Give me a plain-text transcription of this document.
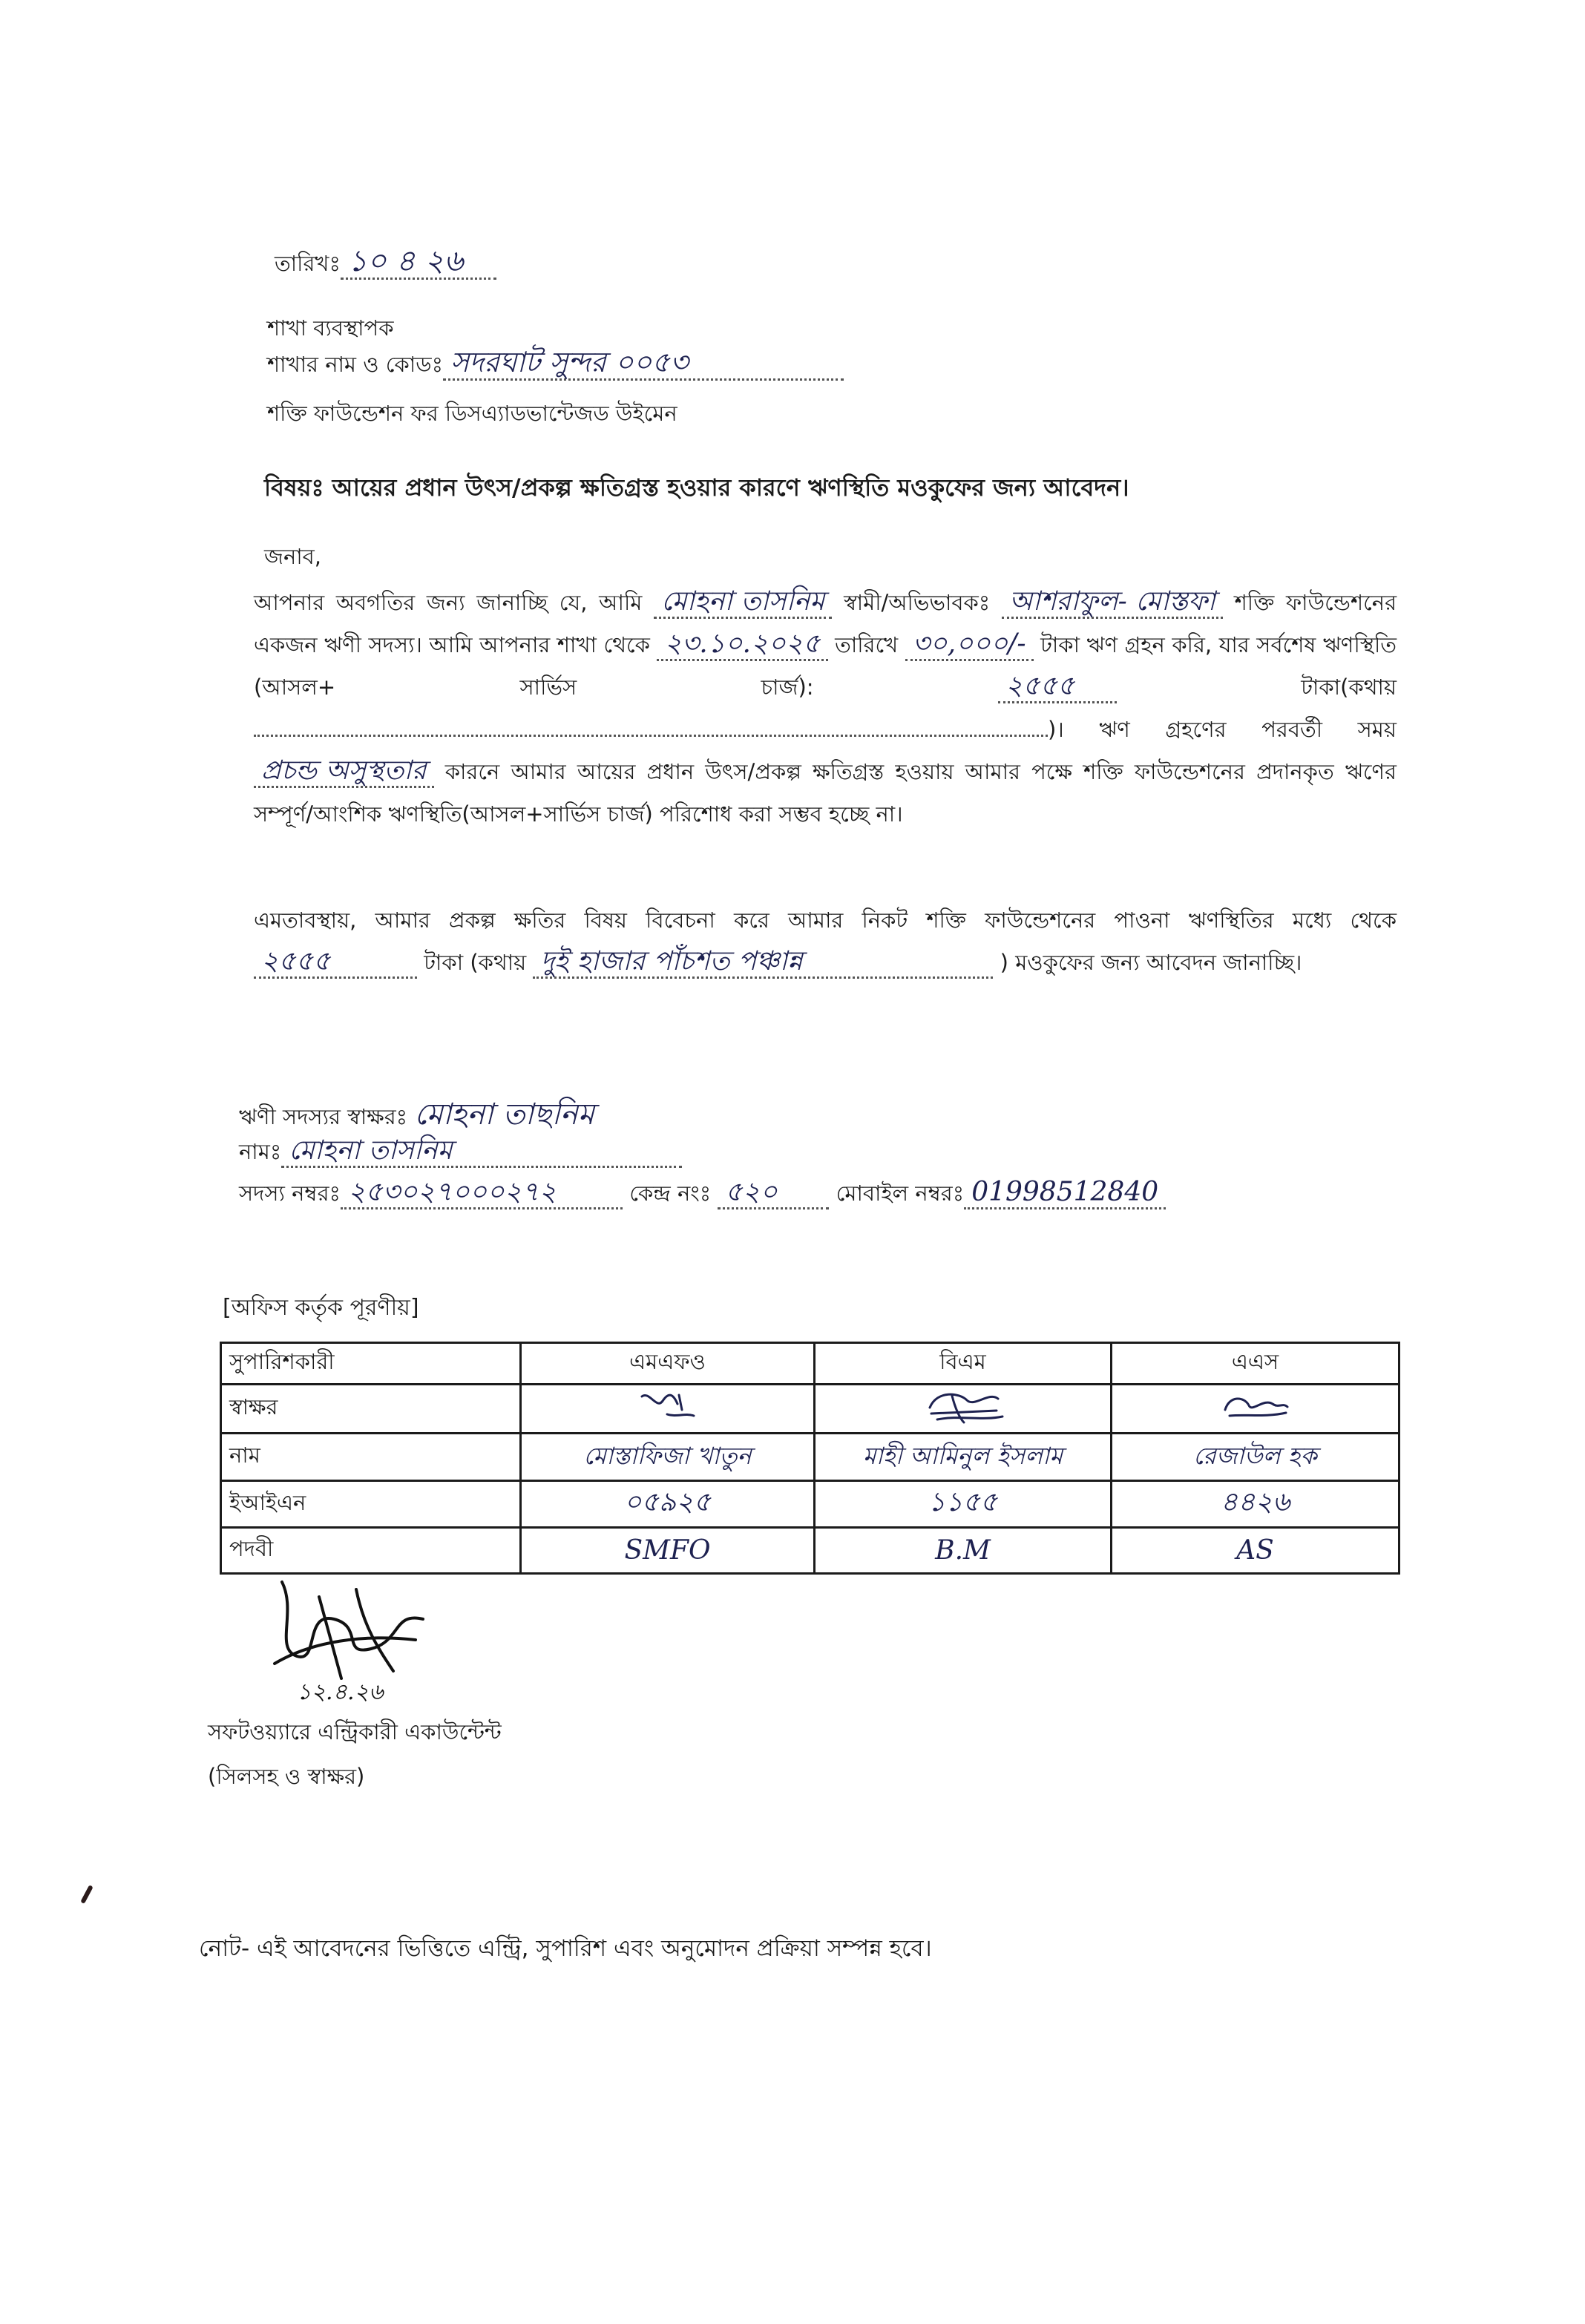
তারিখঃ ১০ ৪ ২৬
শাখা ব্যবস্থাপক
শাখার নাম ও কোডঃ সদরঘাট সুন্দর ০০৫৩
শক্তি ফাউন্ডেশন ফর ডিসএ্যাডভান্টেজড উইমেন
বিষয়ঃ আয়ের প্রধান উৎস/প্রকল্প ক্ষতিগ্রস্ত হওয়ার কারণে ঋণস্থিতি মওকুফের জন্য আবেদন।
জনাব,
আপনার অবগতির জন্য জানাচ্ছি যে, আমি মোহনা তাসনিম স্বামী/অভিভাবকঃ আশরাফুল- মোস্তফা শক্তি ফাউন্ডেশনের একজন ঋণী সদস্য। আমি আপনার শাখা থেকে ২৩.১০.২০২৫ তারিখে ৩০,০০০/- টাকা ঋণ গ্রহন করি, যার সর্বশেষ ঋণস্থিতি (আসল+ সার্ভিস চার্জ):	২৫৫৫	টাকা(কথায়)। ঋণ গ্রহণের পরবর্তী সময় প্রচন্ড অসুস্থতার কারনে আমার আয়ের প্রধান উৎস/প্রকল্প ক্ষতিগ্রস্ত হওয়ায় আমার পক্ষে শক্তি ফাউন্ডেশনের প্রদানকৃত ঋণের সম্পূর্ণ/আংশিক ঋণস্থিতি(আসল+সার্ভিস চার্জ) পরিশোধ করা সম্ভব হচ্ছে না।
এমতাবস্থায়, আমার প্রকল্প ক্ষতির বিষয় বিবেচনা করে আমার নিকট শক্তি ফাউন্ডেশনের পাওনা ঋণস্থিতির মধ্যে থেকে ২৫৫৫	টাকা (কথায় দুই হাজার পাঁচশত পঞ্চান্ন	) মওকুফের জন্য আবেদন জানাচ্ছি।
ঋণী সদস্যর স্বাক্ষরঃ মোহনা তাছনিম
নামঃ মোহনা তাসনিম
সদস্য নম্বরঃ ২৫৩০২৭০০০২৭২	কেন্দ্র নংঃ ৫২০	মোবাইল নম্বরঃ 01998512840
[অফিস কর্তৃক পূরণীয়]
সুপারিশকারী	এমএফও	বিএম	এএস
স্বাক্ষর			
নাম	মোস্তাফিজা খাতুন	মাহী আমিনুল ইসলাম	রেজাউল হক
ইআইএন	০৫৯২৫	১১৫৫	৪৪২৬
পদবী	SMFO	B.M	AS
১২.৪.২৬
সফটওয়্যারে এন্ট্রিকারী একাউন্টেন্ট
(সিলসহ ও স্বাক্ষর)
নোট- এই আবেদনের ভিত্তিতে এন্ট্রি, সুপারিশ এবং অনুমোদন প্রক্রিয়া সম্পন্ন হবে।
